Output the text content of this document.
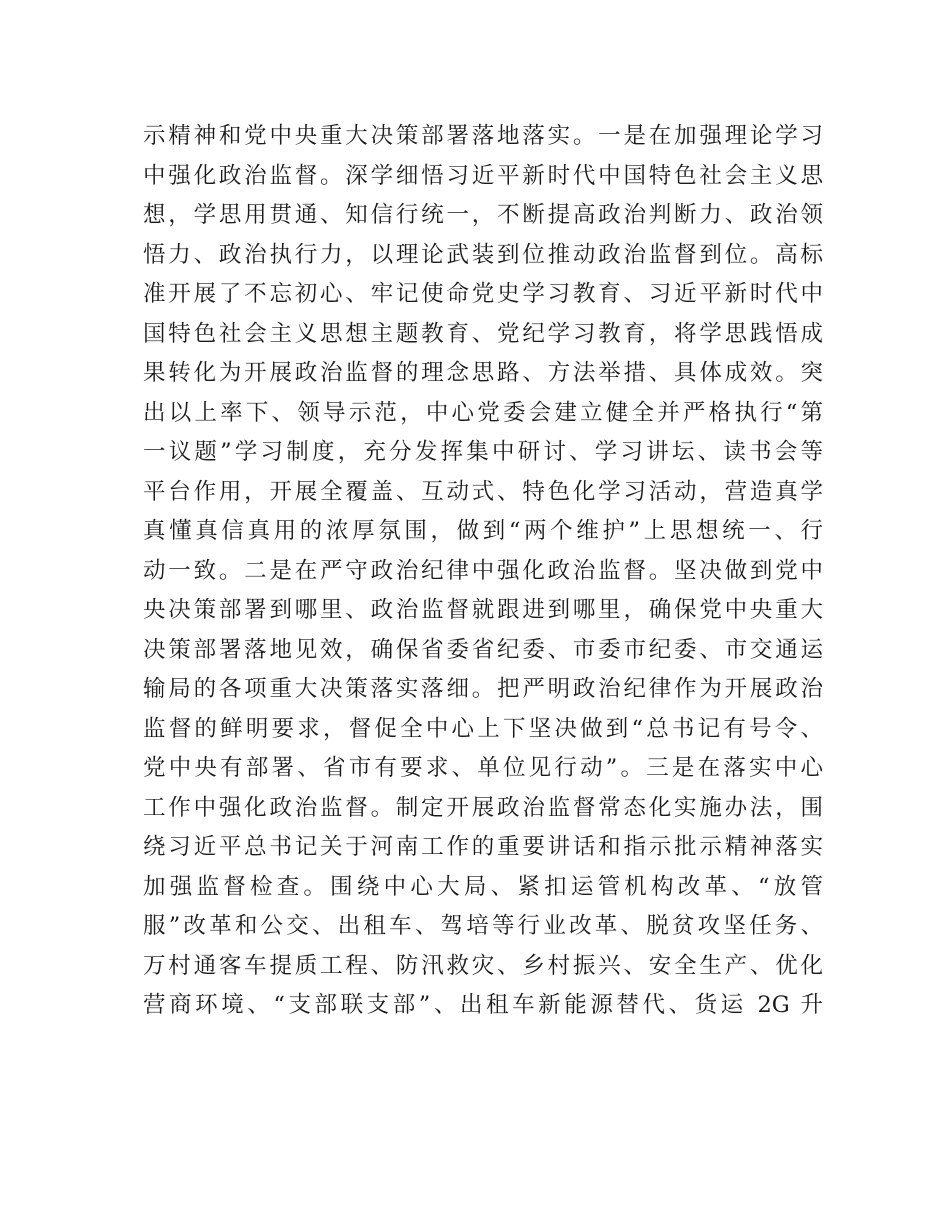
示精神和党中央重大决策部署落地落实。一是在加强理论学习
中强化政治监督。深学细悟习近平新时代中国特色社会主义思
想，学思用贯通、知信行统一，不断提高政治判断力、政治领
悟力、政治执行力，以理论武装到位推动政治监督到位。高标
准开展了不忘初心、牢记使命党史学习教育、习近平新时代中
国特色社会主义思想主题教育、党纪学习教育，将学思践悟成
果转化为开展政治监督的理念思路、方法举措、具体成效。突
出以上率下、领导示范，中心党委会建立健全并严格执行“第
一议题”学习制度，充分发挥集中研讨、学习讲坛、读书会等
平台作用，开展全覆盖、互动式、特色化学习活动，营造真学
真懂真信真用的浓厚氛围，做到“两个维护”上思想统一、行
动一致。二是在严守政治纪律中强化政治监督。坚决做到党中
央决策部署到哪里、政治监督就跟进到哪里，确保党中央重大
决策部署落地见效，确保省委省纪委、市委市纪委、市交通运
输局的各项重大决策落实落细。把严明政治纪律作为开展政治
监督的鲜明要求，督促全中心上下坚决做到“总书记有号令、
党中央有部署、省市有要求、单位见行动”。三是在落实中心
工作中强化政治监督。制定开展政治监督常态化实施办法，围
绕习近平总书记关于河南工作的重要讲话和指示批示精神落实
加强监督检查。围绕中心大局、紧扣运管机构改革、“放管
服”改革和公交、出租车、驾培等行业改革、脱贫攻坚任务、
万村通客车提质工程、防汛救灾、乡村振兴、安全生产、优化
营商环境、“支部联支部”、出租车新能源替代、货运 2G 升
